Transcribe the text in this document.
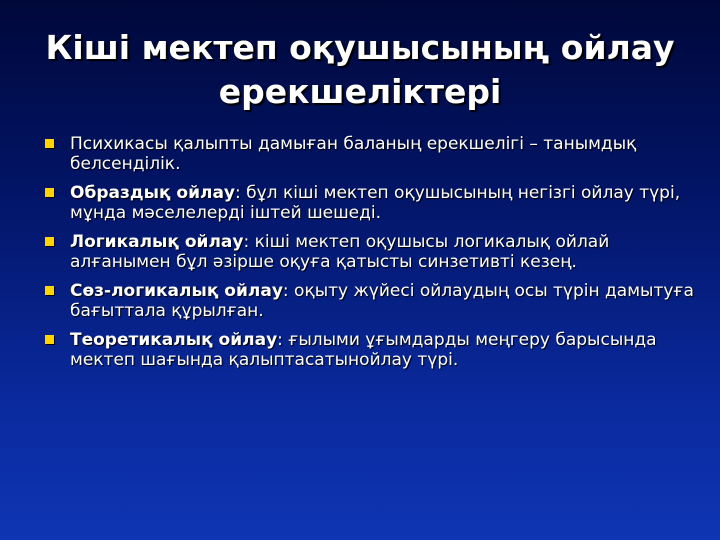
Кіші мектеп оқушысының ойлау
ерекшеліктері
Психикасы қалыпты дамыған баланың ерекшелігі – танымдық белсенділік.
Образдық ойлау: бұл кіші мектеп оқушысының негізгі ойлау түрі, мұнда мәселелерді іштей шешеді.
Логикалық ойлау: кіші мектеп оқушысы логикалық ойлай алғанымен бұл әзірше оқуға қатысты синзетивті кезең.
Сөз-логикалық ойлау: оқыту жүйесі ойлаудың осы түрін дамытуға бағыттала құрылған.
Теоретикалық ойлау: ғылыми ұғымдарды меңгеру барысында мектеп шағында қалыптасатынойлау түрі.
